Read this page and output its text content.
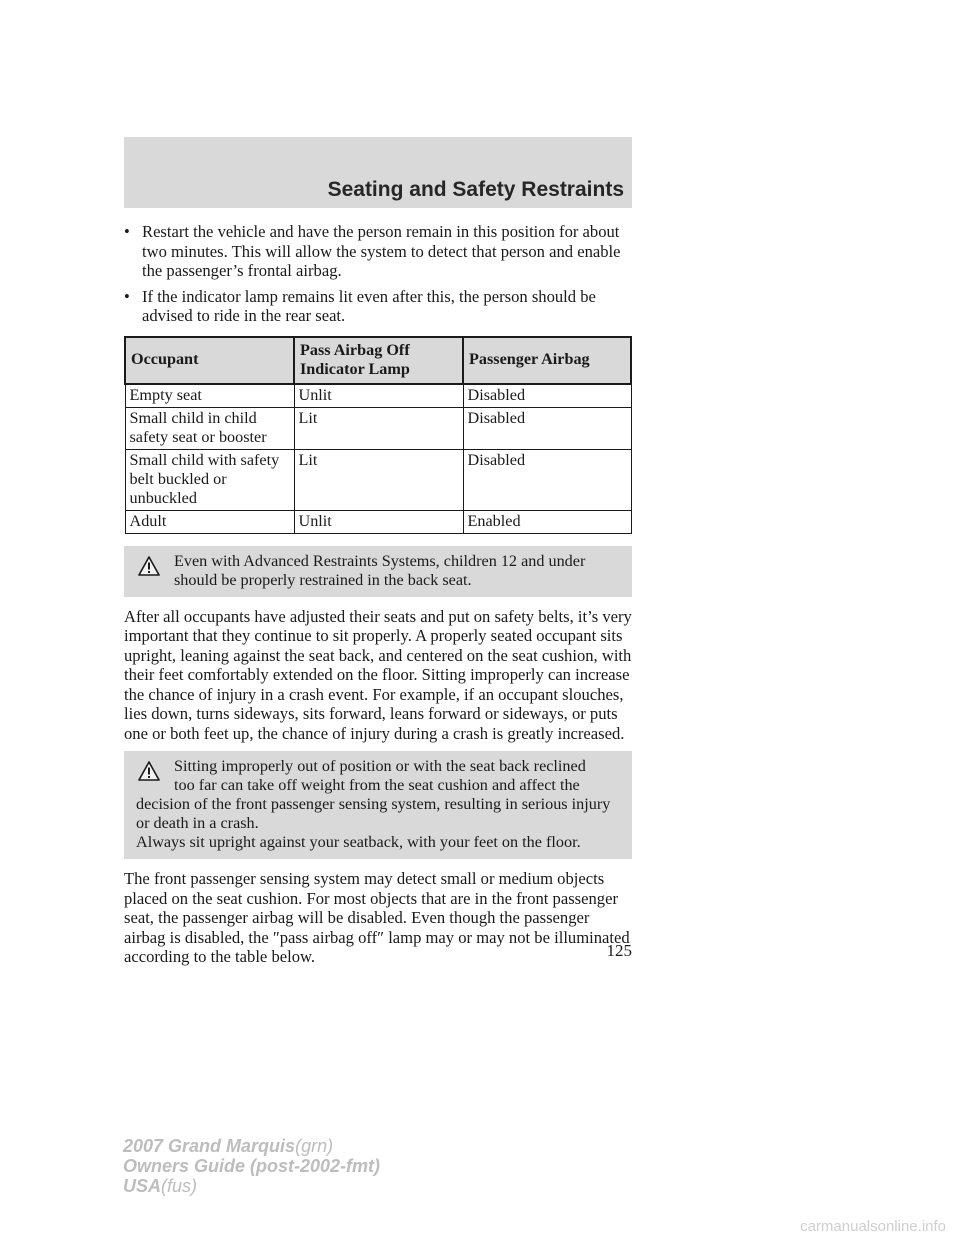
Seating and Safety Restraints
• Restart the vehicle and have the person remain in this position for about two minutes. This will allow the system to detect that person and enable the passenger’s frontal airbag.
• If the indicator lamp remains lit even after this, the person should be advised to ride in the rear seat.
Occupant	Pass Airbag Off Indicator Lamp	Passenger Airbag
Empty seat	Unlit	Disabled
Small child in child safety seat or booster	Lit	Disabled
Small child with safety belt buckled or unbuckled	Lit	Disabled
Adult	Unlit	Enabled
Even with Advanced Restraints Systems, children 12 and under should be properly restrained in the back seat.
After all occupants have adjusted their seats and put on safety belts, it’s very important that they continue to sit properly. A properly seated occupant sits upright, leaning against the seat back, and centered on the seat cushion, with their feet comfortably extended on the floor. Sitting improperly can increase the chance of injury in a crash event. For example, if an occupant slouches, lies down, turns sideways, sits forward, leans forward or sideways, or puts one or both feet up, the chance of injury during a crash is greatly increased.
Sitting improperly out of position or with the seat back reclined
too far can take off weight from the seat cushion and affect the
decision of the front passenger sensing system, resulting in serious injury or death in a crash.
Always sit upright against your seatback, with your feet on the floor.
The front passenger sensing system may detect small or medium objects placed on the seat cushion. For most objects that are in the front passenger seat, the passenger airbag will be disabled. Even though the passenger airbag is disabled, the ″pass airbag off″ lamp may or may not be illuminated according to the table below.	125
2007 Grand Marquis(grn)
Owners Guide (post-2002-fmt)
USA(fus)
carmanualsonline.info
